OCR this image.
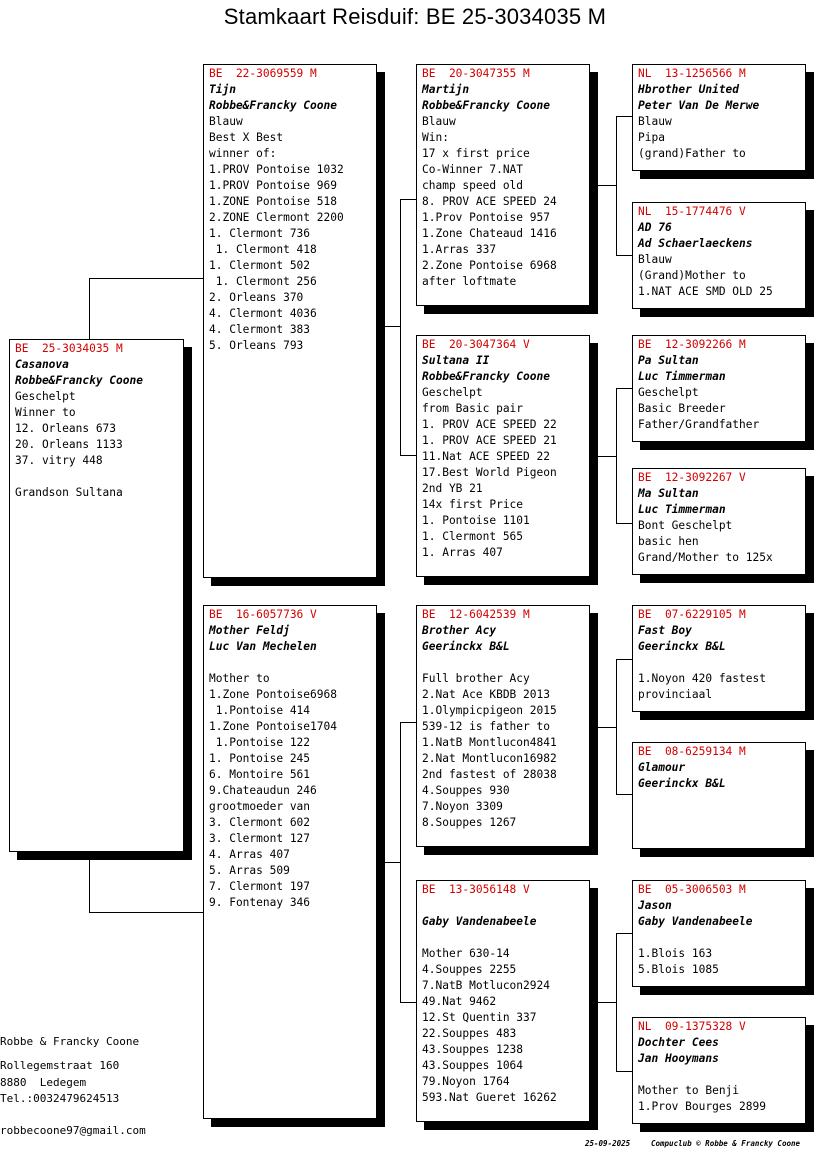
Stamkaart Reisduif: BE 25-3034035 M
BE  25-3034035 M
Casanova
Robbe&Francky Coone
Geschelpt
Winner to
12. Orleans 673
20. Orleans 1133
37. vitry 448
Grandson Sultana
BE  22-3069559 M
Tijn
Robbe&Francky Coone
Blauw
Best X Best
winner of:
1.PROV Pontoise 1032
1.PROV Pontoise 969
1.ZONE Pontoise 518
2.ZONE Clermont 2200
1. Clermont 736
1. Clermont 418
1. Clermont 502
1. Clermont 256
2. Orleans 370
4. Clermont 4036
4. Clermont 383
5. Orleans 793
BE  16-6057736 V
Mother Feldj
Luc Van Mechelen
Mother to
1.Zone Pontoise6968
1.Pontoise 414
1.Zone Pontoise1704
1.Pontoise 122
1. Pontoise 245
6. Montoire 561
9.Chateaudun 246
grootmoeder van
3. Clermont 602
3. Clermont 127
4. Arras 407
5. Arras 509
7. Clermont 197
9. Fontenay 346
BE  20-3047355 M
Martijn
Robbe&Francky Coone
Blauw
Win:
17 x first price
Co-Winner 7.NAT
champ speed old
8. PROV ACE SPEED 24
1.Prov Pontoise 957
1.Zone Chateaud 1416
1.Arras 337
2.Zone Pontoise 6968
after loftmate
BE  20-3047364 V
Sultana II
Robbe&Francky Coone
Geschelpt
from Basic pair
1. PROV ACE SPEED 22
1. PROV ACE SPEED 21
11.Nat ACE SPEED 22
17.Best World Pigeon
2nd YB 21
14x first Price
1. Pontoise 1101
1. Clermont 565
1. Arras 407
BE  12-6042539 M
Brother Acy
Geerinckx B&L
Full brother Acy
2.Nat Ace KBDB 2013
1.Olympicpigeon 2015
539-12 is father to
1.NatB Montlucon4841
2.Nat Montlucon16982
2nd fastest of 28038
4.Souppes 930
7.Noyon 3309
8.Souppes 1267
BE  13-3056148 V
Gaby Vandenabeele
Mother 630-14
4.Souppes 2255
7.NatB Motlucon2924
49.Nat 9462
12.St Quentin 337
22.Souppes 483
43.Souppes 1238
43.Souppes 1064
79.Noyon 1764
593.Nat Gueret 16262
NL  13-1256566 M
Hbrother United
Peter Van De Merwe
Blauw
Pipa
(grand)Father to
NL  15-1774476 V
AD 76
Ad Schaerlaeckens
Blauw
(Grand)Mother to
1.NAT ACE SMD OLD 25
BE  12-3092266 M
Pa Sultan
Luc Timmerman
Geschelpt
Basic Breeder
Father/Grandfather
BE  12-3092267 V
Ma Sultan
Luc Timmerman
Bont Geschelpt
basic hen
Grand/Mother to 125x
BE  07-6229105 M
Fast Boy
Geerinckx B&L
1.Noyon 420 fastest
provinciaal
BE  08-6259134 M
Glamour
Geerinckx B&L
BE  05-3006503 M
Jason
Gaby Vandenabeele
1.Blois 163
5.Blois 1085
NL  09-1375328 V
Dochter Cees
Jan Hooymans
Mother to Benji
1.Prov Bourges 2899
Robbe & Francky Coone
Rollegemstraat 160
8880  Ledegem
Tel.:0032479624513
robbecoone97@gmail.com
25-09-2025	Compuclub © Robbe & Francky Coone
